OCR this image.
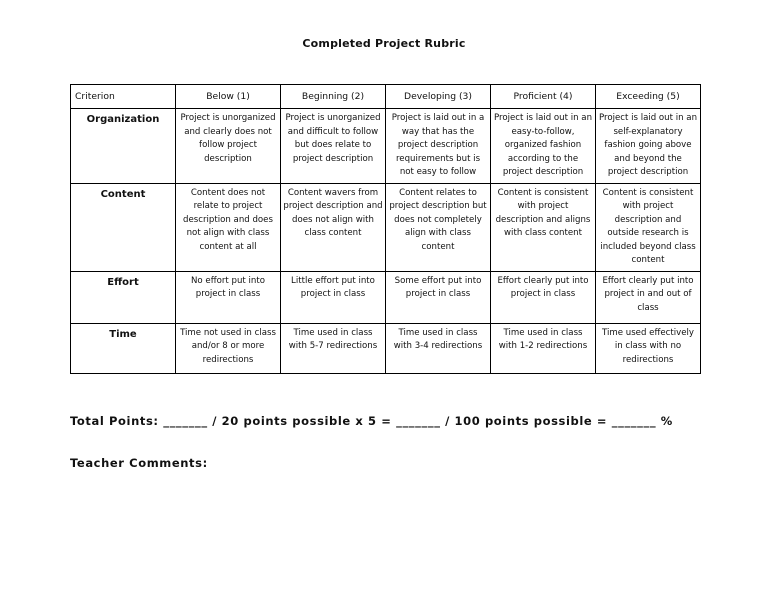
Completed Project Rubric
Criterion	Below (1)	Beginning (2)	Developing (3)	Proficient (4)	Exceeding (5)
Organization	Project is unorganized and clearly does not follow project description	Project is unorganized and difficult to follow but does relate to project description	Project is laid out in a way that has the project description requirements but is not easy to follow	Project is laid out in an easy-to-follow, organized fashion according to the project description	Project is laid out in an self-explanatory fashion going above and beyond the project description
Content	Content does not relate to project description and does not align with class content at all	Content wavers from project description and does not align with class content	Content relates to project description but does not completely align with class content	Content is consistent with project description and aligns with class content	Content is consistent with project description and outside research is included beyond class content
Effort	No effort put into project in class	Little effort put into project in class	Some effort put into project in class	Effort clearly put into project in class	Effort clearly put into project in and out of class
Time	Time not used in class and/or 8 or more redirections	Time used in class with 5-7 redirections	Time used in class with 3-4 redirections	Time used in class with 1-2 redirections	Time used effectively in class with no redirections
Total Points: _______ / 20 points possible x 5 = _______ / 100 points possible = _______ %
Teacher Comments:
